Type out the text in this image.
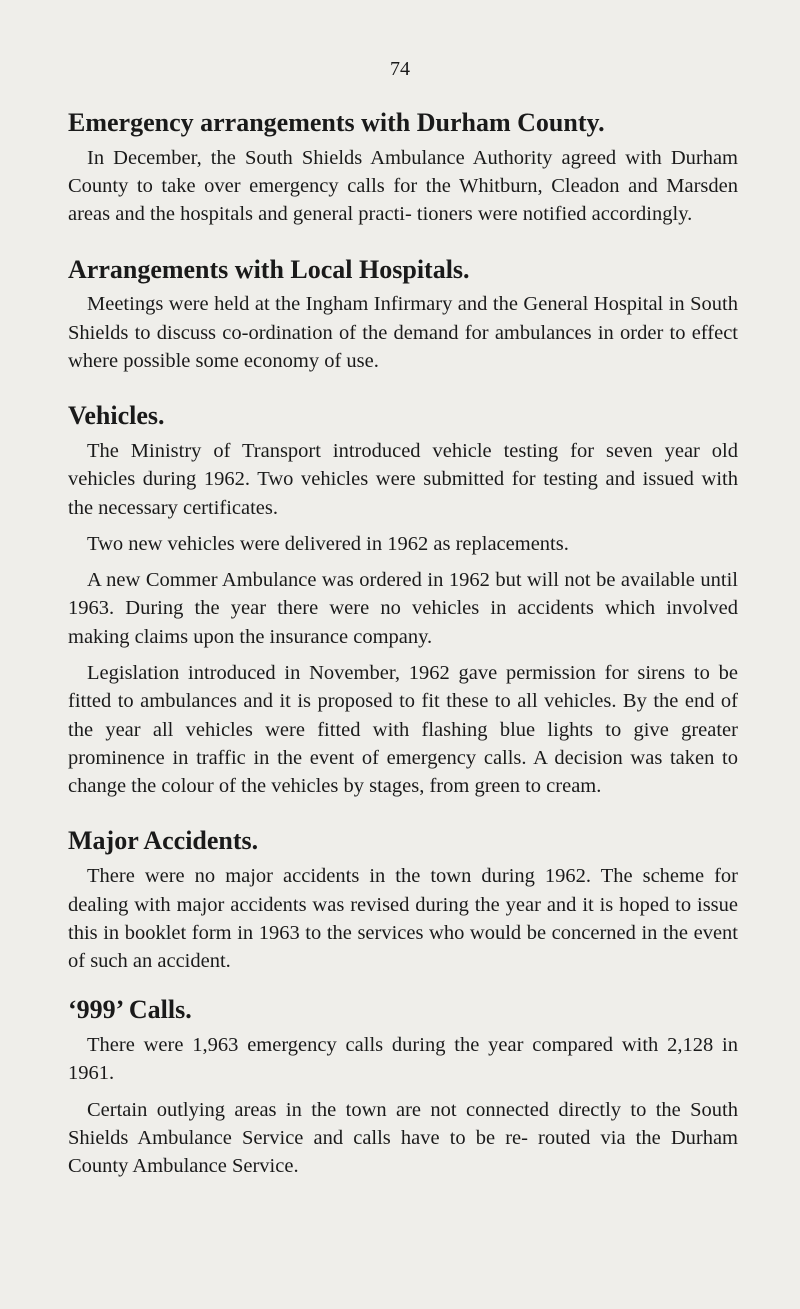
74
Emergency arrangements with Durham County.

In December, the South Shields Ambulance Authority agreed with Durham County to take over emergency calls for the Whitburn, Cleadon and Marsden areas and the hospitals and general practi- tioners were notified accordingly.

Arrangements with Local Hospitals.

Meetings were held at the Ingham Infirmary and the General Hospital in South Shields to discuss co-ordination of the demand for ambulances in order to effect where possible some economy of use.

Vehicles.

The Ministry of Transport introduced vehicle testing for seven year old vehicles during 1962. Two vehicles were submitted for testing and issued with the necessary certificates.

Two new vehicles were delivered in 1962 as replacements.

A new Commer Ambulance was ordered in 1962 but will not be available until 1963. During the year there were no vehicles in accidents which involved making claims upon the insurance company.

Legislation introduced in November, 1962 gave permission for sirens to be fitted to ambulances and it is proposed to fit these to all vehicles. By the end of the year all vehicles were fitted with flashing blue lights to give greater prominence in traffic in the event of emergency calls. A decision was taken to change the colour of the vehicles by stages, from green to cream.

Major Accidents.

There were no major accidents in the town during 1962. The scheme for dealing with major accidents was revised during the year and it is hoped to issue this in booklet form in 1963 to the services who would be concerned in the event of such an accident.

‘999’ Calls.

There were 1,963 emergency calls during the year compared with 2,128 in 1961.

Certain outlying areas in the town are not connected directly to the South Shields Ambulance Service and calls have to be re- routed via the Durham County Ambulance Service.
